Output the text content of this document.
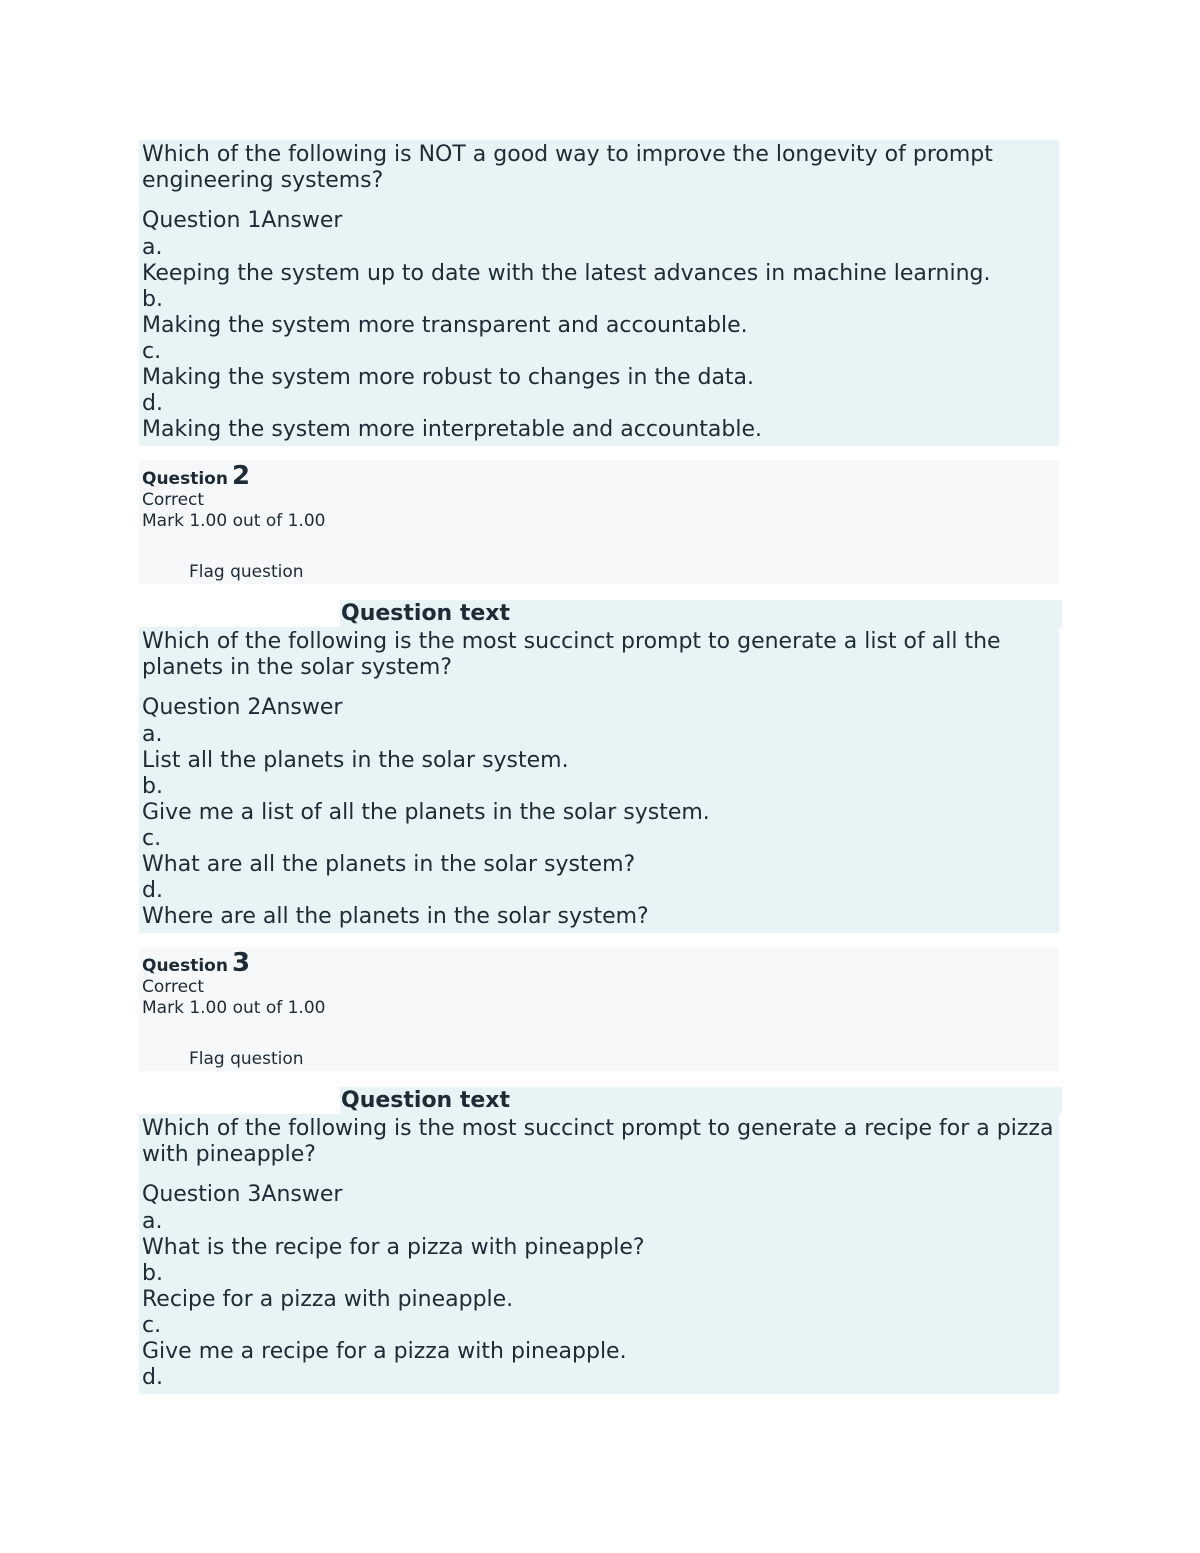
Which of the following is NOT a good way to improve the longevity of prompt engineering systems?
Question 1Answer
a.
Keeping the system up to date with the latest advances in machine learning.
b.
Making the system more transparent and accountable.
c.
Making the system more robust to changes in the data.
d.
Making the system more interpretable and accountable.
Question 2
Correct
Mark 1.00 out of 1.00
Flag question
Question text
Which of the following is the most succinct prompt to generate a list of all the planets in the solar system?
Question 2Answer
a.
List all the planets in the solar system.
b.
Give me a list of all the planets in the solar system.
c.
What are all the planets in the solar system?
d.
Where are all the planets in the solar system?
Question 3
Correct
Mark 1.00 out of 1.00
Flag question
Question text
Which of the following is the most succinct prompt to generate a recipe for a pizza with pineapple?
Question 3Answer
a.
What is the recipe for a pizza with pineapple?
b.
Recipe for a pizza with pineapple.
c.
Give me a recipe for a pizza with pineapple.
d.
